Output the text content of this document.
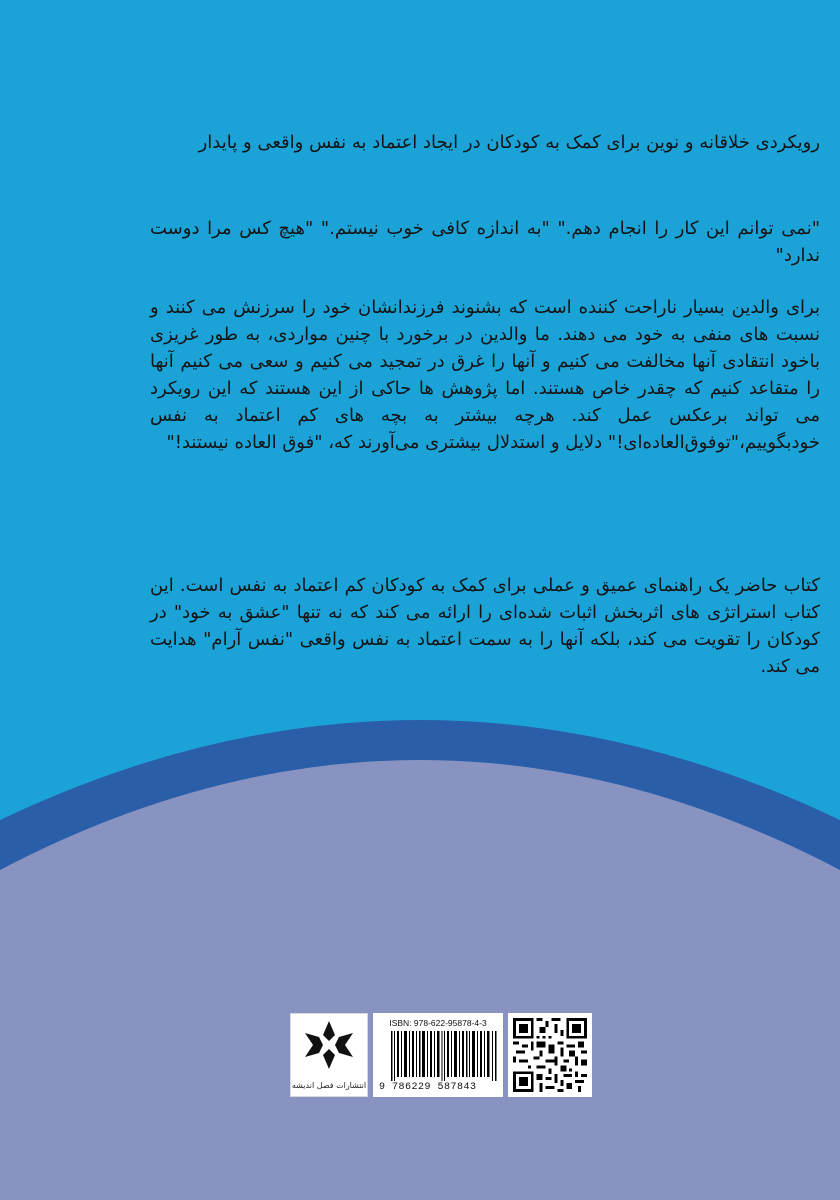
رویکردی خلاقانه و نوین برای کمک به کودکان در ایجاد اعتماد به نفس واقعی و پایدار

"نمی توانم این کار را انجام دهم." "به اندازه کافی خوب نیستم." "هیچ کس مرا دوست ندارد"

برای والدین بسیار ناراحت کننده است که بشنوند فرزندانشان خود را سرزنش می کنند و نسبت های منفی به خود می دهند. ما والدین در برخورد با چنین مواردی، به طور غریزی باخود انتقادی آنها مخالفت می کنیم و آنها را غرق در تمجید می کنیم و سعی می کنیم آنها را متقاعد کنیم که چقدر خاص هستند. اما پژوهش ها حاکی از این هستند که این رویکرد می تواند برعکس عمل کند. هرچه بیشتر به بچه های کم اعتماد به نفس خودبگوییم،"توفوق‌العاده‌ای!" دلایل و استدلال بیشتری می‌آورند که، "فوق العاده نیستند!"

کتاب حاضر یک راهنمای عمیق و عملی برای کمک به کودکان کم اعتماد به نفس است. این کتاب استراتژی های اثربخش اثبات شده‌ای را ارائه می کند که نه تنها "عشق به خود" در کودکان را تقویت می کند، بلکه آنها را به سمت اعتماد به نفس واقعی "نفس آرام" هدایت می کند.

انتشارات فصل اندیشه
ISBN: 978-622-95878-4-3
9 786229 587843
